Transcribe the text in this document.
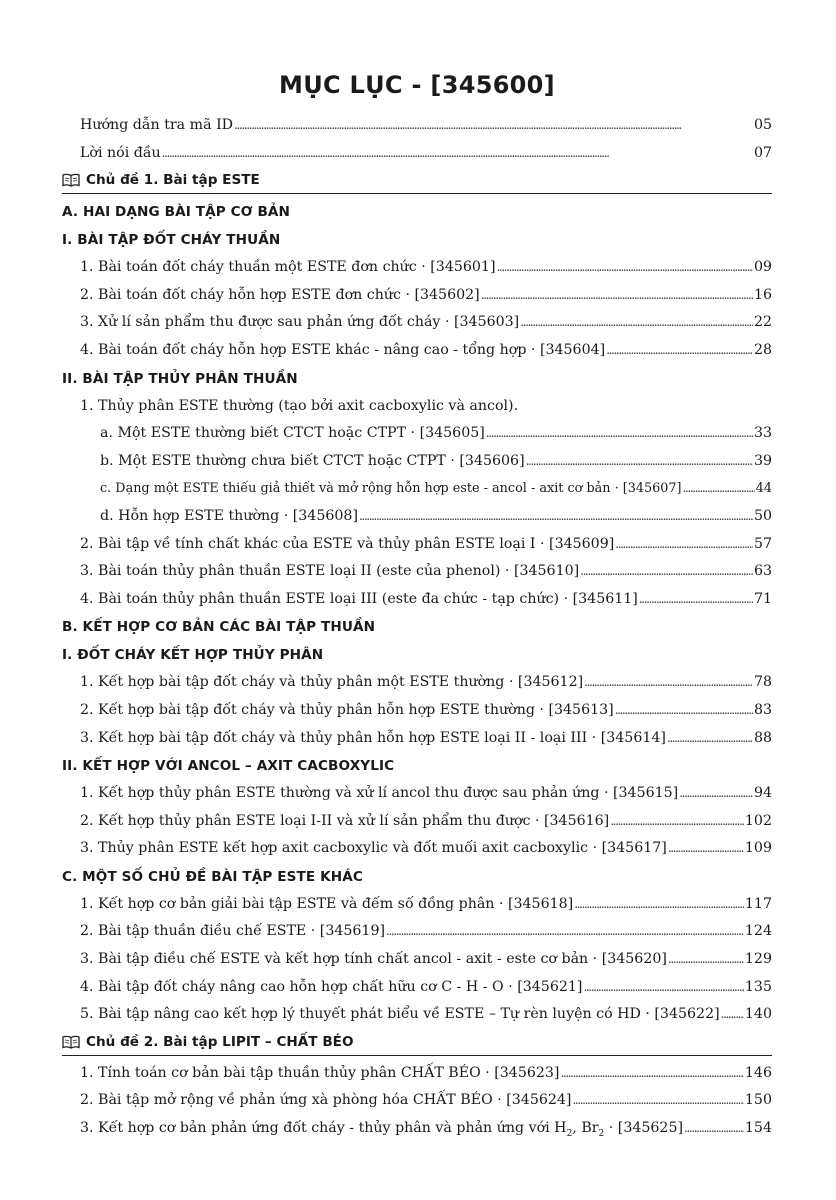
MỤC LỤC - [345600]
Hướng dẫn tra mã ID . . .	05
Lời nói đầu . . .	07
Chủ đề 1. Bài tập ESTE
A. HAI DẠNG BÀI TẬP CƠ BẢN
I. BÀI TẬP ĐỐT CHÁY THUẦN
1. Bài toán đốt cháy thuần một ESTE đơn chức · [345601] . . .	09
2. Bài toán đốt cháy hỗn hợp ESTE đơn chức · [345602] . . .	16
3. Xử lí sản phẩm thu được sau phản ứng đốt cháy · [345603] . . .	22
4. Bài toán đốt cháy hỗn hợp ESTE khác - nâng cao - tổng hợp · [345604] . . .	28
II. BÀI TẬP THỦY PHÂN THUẦN
1. Thủy phân ESTE thường (tạo bởi axit cacboxylic và ancol).
a. Một ESTE thường biết CTCT hoặc CTPT · [345605] . . .	33
b. Một ESTE thường chưa biết CTCT hoặc CTPT · [345606] . . .	39
c. Dạng một ESTE thiếu giả thiết và mở rộng hỗn hợp este - ancol - axit cơ bản · [345607] . . .	44
d. Hỗn hợp ESTE thường · [345608] . . .	50
2. Bài tập về tính chất khác của ESTE và thủy phân ESTE loại I · [345609] . . .	57
3. Bài toán thủy phân thuần ESTE loại II (este của phenol) · [345610] . . .	63
4. Bài toán thủy phân thuần ESTE loại III (este đa chức - tạp chức) · [345611] . . .	71
B. KẾT HỢP CƠ BẢN CÁC BÀI TẬP THUẦN
I. ĐỐT CHÁY KẾT HỢP THỦY PHÂN
1. Kết hợp bài tập đốt cháy và thủy phân một ESTE thường · [345612] . . .	78
2. Kết hợp bài tập đốt cháy và thủy phân hỗn hợp ESTE thường · [345613] . . .	83
3. Kết hợp bài tập đốt cháy và thủy phân hỗn hợp ESTE loại II - loại III · [345614] . . .	88
II. KẾT HỢP VỚI ANCOL – AXIT CACBOXYLIC
1. Kết hợp thủy phân ESTE thường và xử lí ancol thu được sau phản ứng · [345615] . . .	94
2. Kết hợp thủy phân ESTE loại I-II và xử lí sản phẩm thu được · [345616] . . .	102
3. Thủy phân ESTE kết hợp axit cacboxylic và đốt muối axit cacboxylic · [345617] . . .	109
C. MỘT SỐ CHỦ ĐỀ BÀI TẬP ESTE KHÁC
1. Kết hợp cơ bản giải bài tập ESTE và đếm số đồng phân · [345618] . . .	117
2. Bài tập thuần điều chế ESTE · [345619] . . .	124
3. Bài tập điều chế ESTE và kết hợp tính chất ancol - axit - este cơ bản · [345620] . . .	129
4. Bài tập đốt cháy nâng cao hỗn hợp chất hữu cơ C - H - O · [345621] . . .	135
5. Bài tập nâng cao kết hợp lý thuyết phát biểu về ESTE – Tự rèn luyện có HD · [345622] . . . 140
Chủ đề 2. Bài tập LIPIT – CHẤT BÉO
1. Tính toán cơ bản bài tập thuần thủy phân CHẤT BÉO · [345623] . . .	146
2. Bài tập mở rộng về phản ứng xà phòng hóa CHẤT BÉO · [345624] . . .	150
3. Kết hợp cơ bản phản ứng đốt cháy - thủy phân và phản ứng với $H_2$, $Br_2 \cdot [345625]$ . . .	154
